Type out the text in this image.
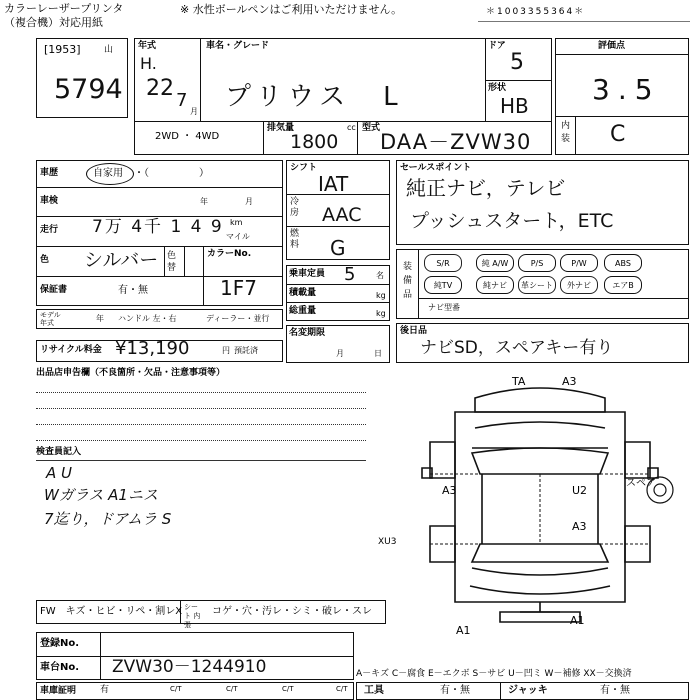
カラーレーザープリンタ
（複合機）対応用紙
※ 水性ボールペンはご利用いただけません。	＊1003355364＊
[1953]	山
5794
年式
H.
22 7
月
車名・グレード
プリウス　L
ドア
5
形状
HB
2WD ・ 4WD
排気量
1800
cc 型式
DAA－ZVW30
評価点
3.5
内装 C
車歴	自家用 ・（　　　　　）
車検	年	月
走行 7万 4千 1 4 9 km
マイル
色 シルバー 色替
カラーNo.
1F7
保証書	有・無
モデル年式	年 ハンドル 左・右	ディーラー・並行
リサイクル料金 ¥13,190	円 預託済
シフト
IAT
冷房 AAC
燃料 G
乗車定員 5	名
積載量	kg
総重量	kg
名変期限
月	日
セールスポイント
純正ナビ，テレビ
プッシュスタート，ETC
装備品
S/R	純 A/W	P/S	P/W	ABS
純TV	純ナビ	革シート	外ナビ	エアB
ナビ型番
後日品
ナビSD，スペアキー有り
出品店申告欄（不良箇所・欠品・注意事項等）
検査員記入
A U
Wガラス A1ニス
7迄り，ドアムラ S
TA	A3
A3	U2
A3
XU3
スペア
A1
A1
FW　キズ・ヒビ・リペ・割レX シート 内張
コゲ・穴・汚レ・シミ・破レ・スレ
登録No.
車台No. ZVW30－1244910
車庫証明	有	C/T	C/T	C/T	C/T
A－キズ C－腐食 E－エクボ S－サビ U－凹ミ W－補修 XX－交換済
工具	有・無	ジャッキ	有・無
